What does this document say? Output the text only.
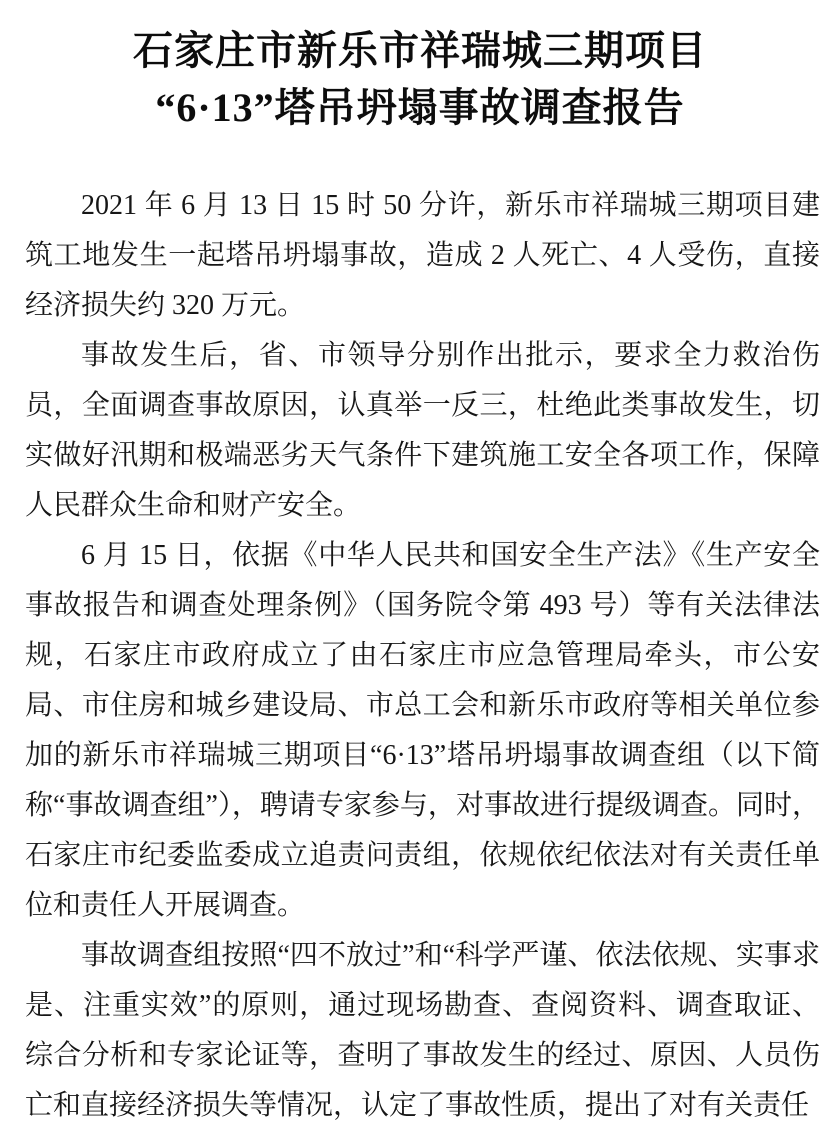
石家庄市新乐市祥瑞城三期项目
“6·13”塔吊坍塌事故调查报告

2021 年 6 月 13 日 15 时 50 分许，新乐市祥瑞城三期项目建筑工地发生一起塔吊坍塌事故，造成 2 人死亡、4 人受伤，直接经济损失约 320 万元。

事故发生后，省、市领导分别作出批示，要求全力救治伤员，全面调查事故原因，认真举一反三，杜绝此类事故发生，切实做好汛期和极端恶劣天气条件下建筑施工安全各项工作，保障人民群众生命和财产安全。

6 月 15 日，依据《中华人民共和国安全生产法》《生产安全事故报告和调查处理条例》（国务院令第 493 号）等有关法律法规，石家庄市政府成立了由石家庄市应急管理局牵头，市公安局、市住房和城乡建设局、市总工会和新乐市政府等相关单位参加的新乐市祥瑞城三期项目“6·13”塔吊坍塌事故调查组（以下简称“事故调查组”），聘请专家参与，对事故进行提级调查。同时，石家庄市纪委监委成立追责问责组，依规依纪依法对有关责任单位和责任人开展调查。

事故调查组按照“四不放过”和“科学严谨、依法依规、实事求是、注重实效”的原则，通过现场勘查、查阅资料、调查取证、综合分析和专家论证等，查明了事故发生的经过、原因、人员伤亡和直接经济损失等情况，认定了事故性质，提出了对有关责任
